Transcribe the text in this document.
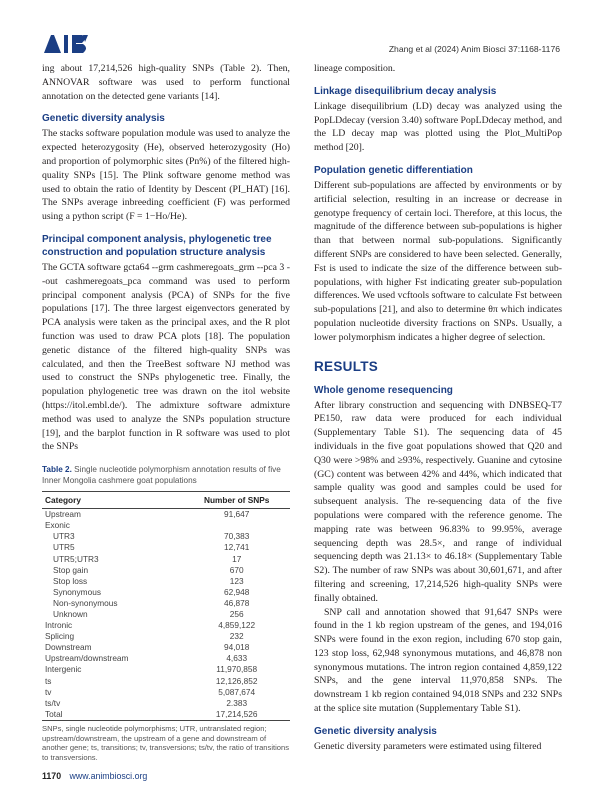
Zhang et al (2024) Anim Biosci 37:1168-1176

ing about 17,214,526 high-quality SNPs (Table 2). Then, ANNOVAR software was used to perform functional annotation on the detected gene variants [14].

Genetic diversity analysis

The stacks software population module was used to analyze the expected heterozygosity (He), observed heterozygosity (Ho) and proportion of polymorphic sites (Pn%) of the filtered high-quality SNPs [15]. The Plink software genome method was used to obtain the ratio of Identity by Descent (PI_HAT) [16]. The SNPs average inbreeding coefficient (F) was performed using a python script (F = 1−Ho/He).

Principal component analysis, phylogenetic tree construction and population structure analysis

The GCTA software gcta64 --grm cashmeregoats_grm --pca 3 --out cashmeregoats_pca command was used to perform principal component analysis (PCA) of SNPs for the five populations [17]. The three largest eigenvectors generated by PCA analysis were taken as the principal axes, and the R plot function was used to draw PCA plots [18]. The population genetic distance of the filtered high-quality SNPs was calculated, and then the TreeBest software NJ method was used to construct the SNPs phylogenetic tree. Finally, the population phylogenetic tree was drawn on the itol website (https://itol.embl.de/). The admixture software admixture method was used to analyze the SNPs population structure [19], and the barplot function in R software was used to plot the SNPs

Table 2. Single nucleotide polymorphism annotation results of five Inner Mongolia cashmere goat populations
Category	Number of SNPs
Upstream	91,647
Exonic	
UTR3	70,383
UTR5	12,741
UTR5;UTR3	17
Stop gain	670
Stop loss	123
Synonymous	62,948
Non-synonymous	46,878
Unknown	256
Intronic	4,859,122
Splicing	232
Downstream	94,018
Upstream/downstream	4,633
Intergenic	11,970,858
ts	12,126,852
tv	5,087,674
ts/tv	2.383
Total	17,214,526
SNPs, single nucleotide polymorphisms; UTR, untranslated region; upstream/downstream, the upstream of a gene and downstream of another gene; ts, transitions; tv, transversions; ts/tv, the ratio of transitions to transversions.

lineage composition.

Linkage disequilibrium decay analysis

Linkage disequilibrium (LD) decay was analyzed using the PopLDdecay (version 3.40) software PopLDdecay method, and the LD decay map was plotted using the Plot_MultiPop method [20].

Population genetic differentiation

Different sub-populations are affected by environments or by artificial selection, resulting in an increase or decrease in genotype frequency of certain loci. Therefore, at this locus, the magnitude of the difference between sub-populations is higher than that between normal sub-populations. Significantly different SNPs are considered to have been selected. Generally, Fst is used to indicate the size of the difference between sub-populations, with higher Fst indicating greater sub-population differences. We used vcftools software to calculate Fst between sub-populations [21], and also to determine θπ which indicates population nucleotide diversity fractions on SNPs. Usually, a lower polymorphism indicates a higher degree of selection.

RESULTS
Whole genome resequencing

After library construction and sequencing with DNBSEQ-T7 PE150, raw data were produced for each individual (Supplementary Table S1). The sequencing data of 45 individuals in the five goat populations showed that Q20 and Q30 were >98% and ≥93%, respectively. Guanine and cytosine (GC) content was between 42% and 44%, which indicated that sample quality was good and samples could be used for subsequent analysis. The re-sequencing data of the five populations were compared with the reference genome. The mapping rate was between 96.83% to 99.95%, average sequencing depth was 28.5×, and range of individual sequencing depth was 21.13× to 46.18× (Supplementary Table S2). The number of raw SNPs was about 30,601,671, and after filtering and screening, 17,214,526 high-quality SNPs were finally obtained.

SNP call and annotation showed that 91,647 SNPs were found in the 1 kb region upstream of the genes, and 194,016 SNPs were found in the exon region, including 670 stop gain, 123 stop loss, 62,948 synonymous mutations, and 46,878 non synonymous mutations. The intron region contained 4,859,122 SNPs, and the gene interval 11,970,858 SNPs. The downstream 1 kb region contained 94,018 SNPs and 232 SNPs at the splice site mutation (Supplementary Table S1).

Genetic diversity analysis

Genetic diversity parameters were estimated using filtered

1170 www.animbiosci.org
